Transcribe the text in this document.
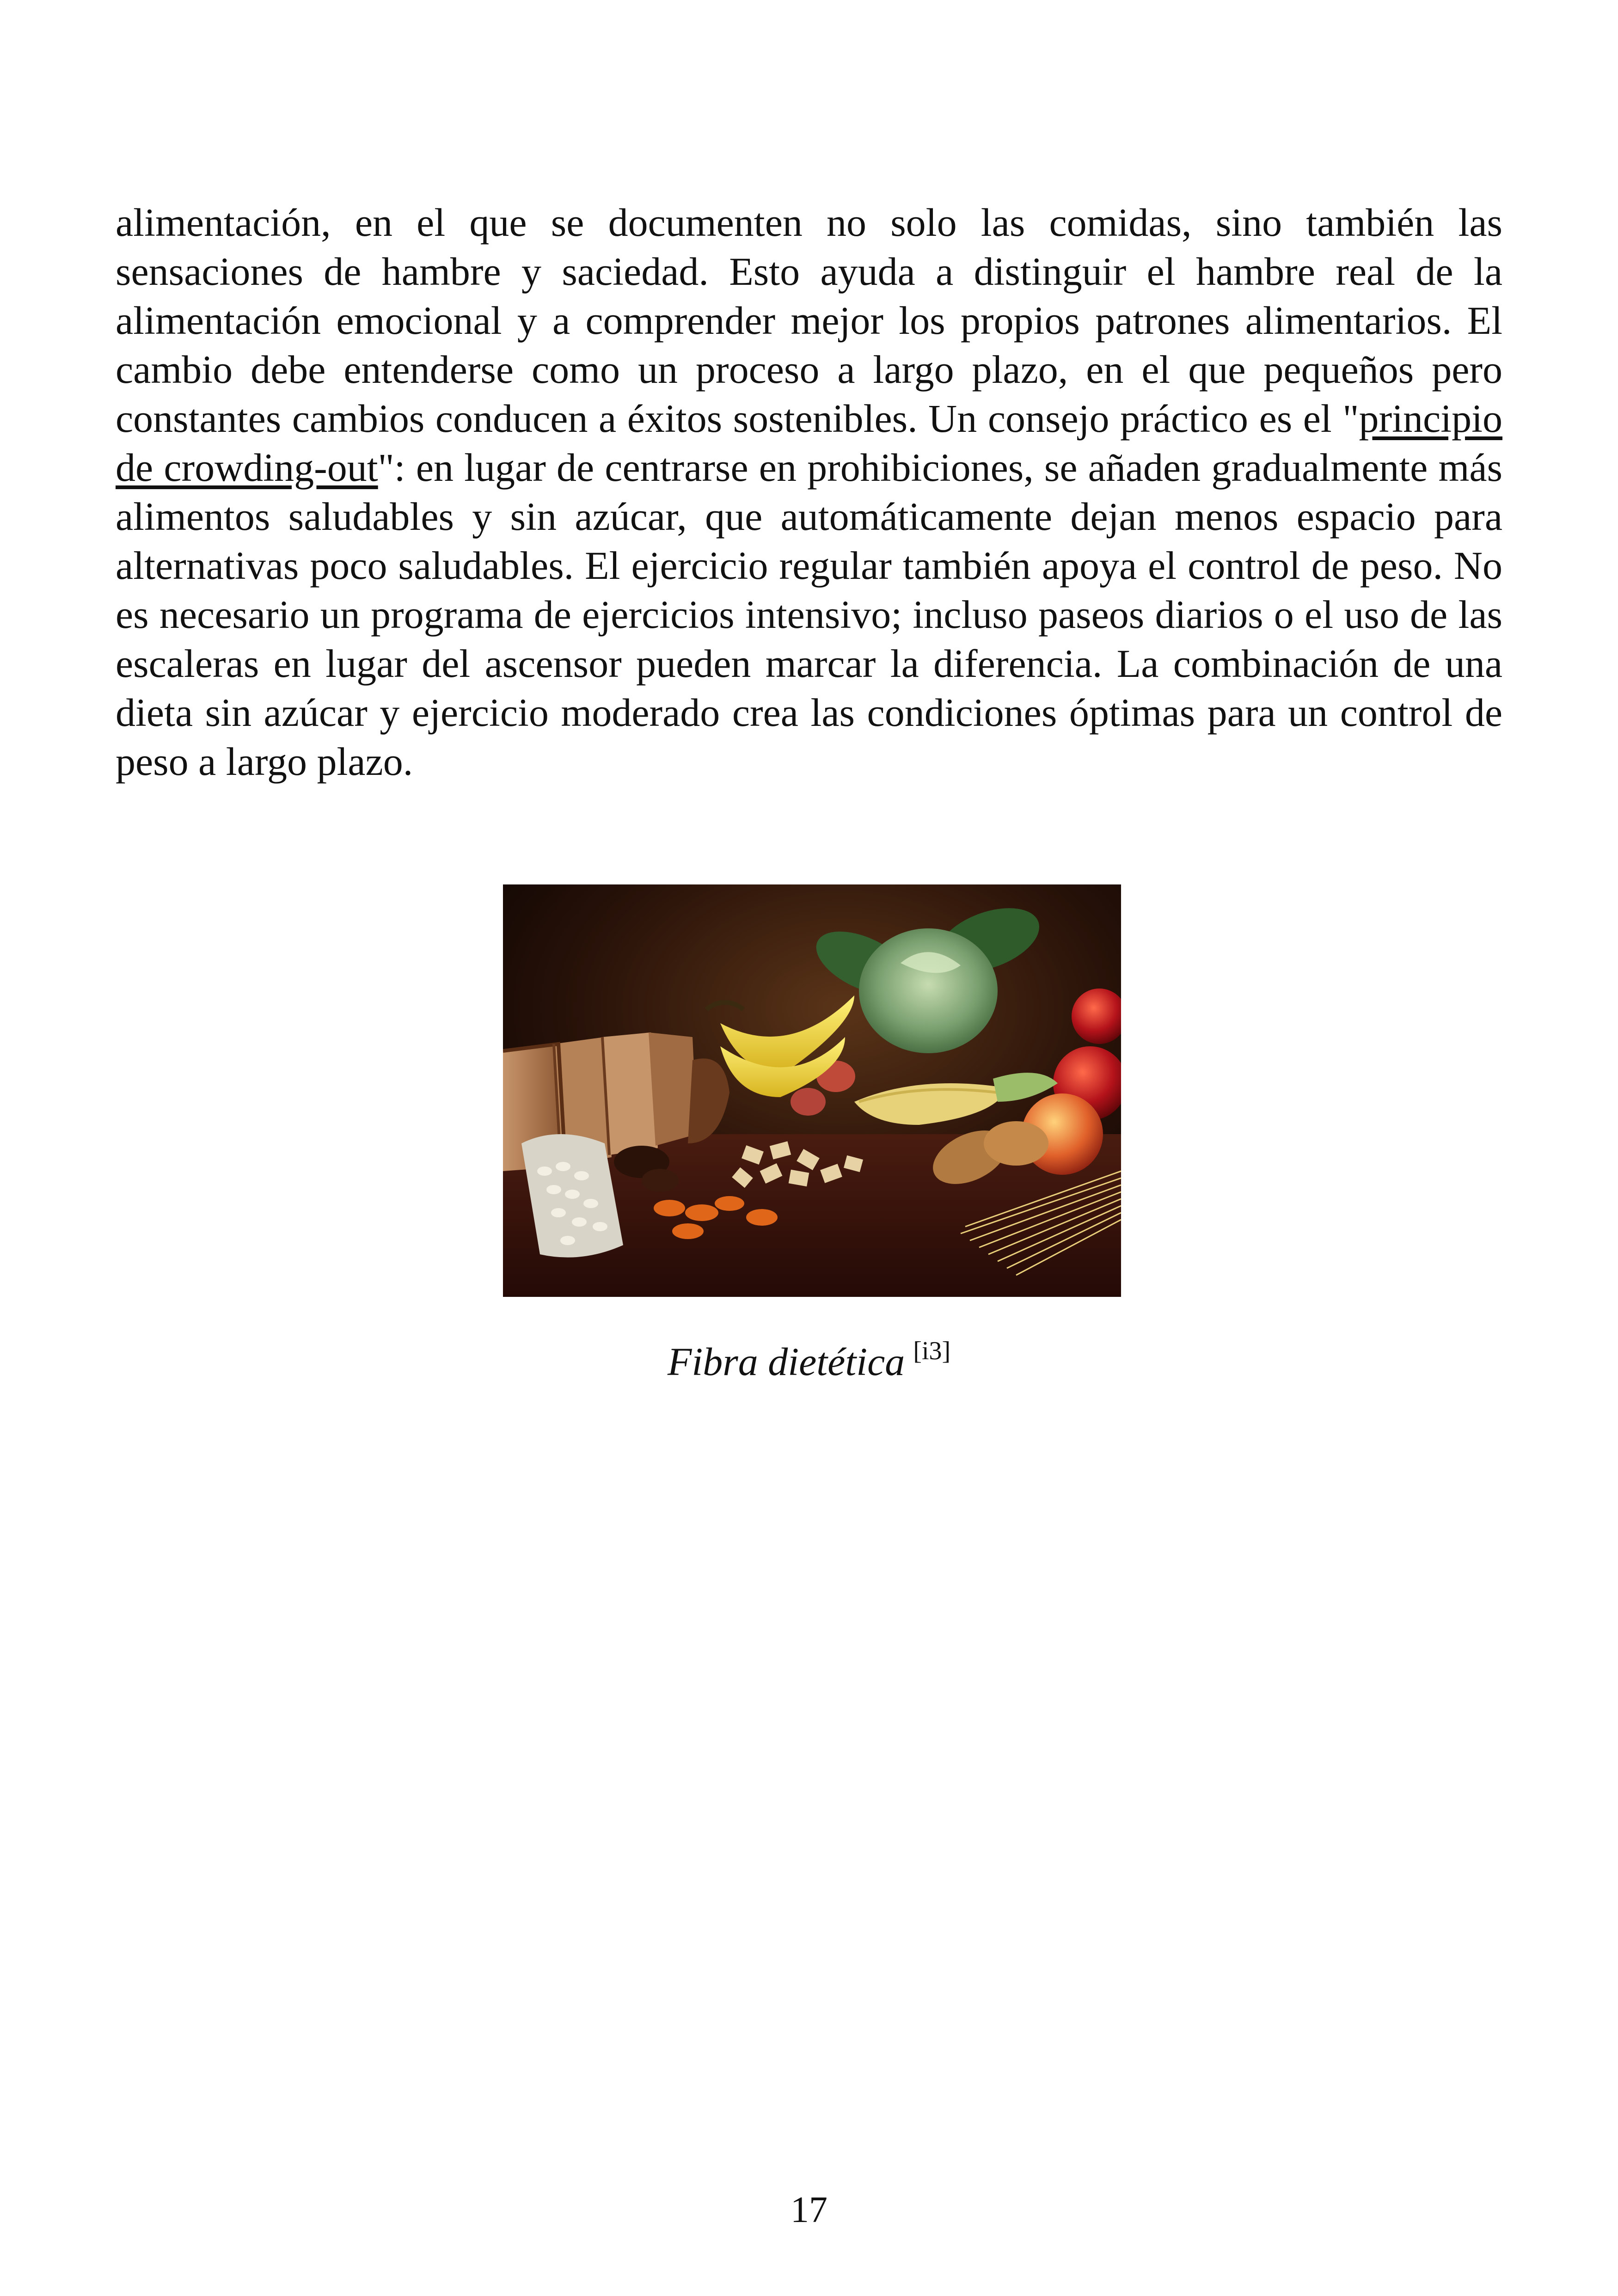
alimentación, en el que se documenten no solo las comidas, sino también las sensaciones de hambre y saciedad. Esto ayuda a distinguir el hambre real de la alimentación emocional y a comprender mejor los propios patrones alimentarios. El cambio debe entenderse como un proceso a largo plazo, en el que pequeños pero constantes cambios conducen a éxitos sostenibles. Un consejo práctico es el "principio de crowding-out": en lugar de centrarse en prohibiciones, se añaden gradualmente más alimentos saludables y sin azúcar, que automáticamente dejan menos espacio para alternativas poco saludables. El ejercicio regular también apoya el control de peso. No es necesario un programa de ejercicios intensivo; incluso paseos diarios o el uso de las escaleras en lugar del ascensor pueden marcar la diferencia. La combinación de una dieta sin azúcar y ejercicio moderado crea las condiciones óptimas para un control de peso a largo plazo.

Fibra dietética [i3]
17
